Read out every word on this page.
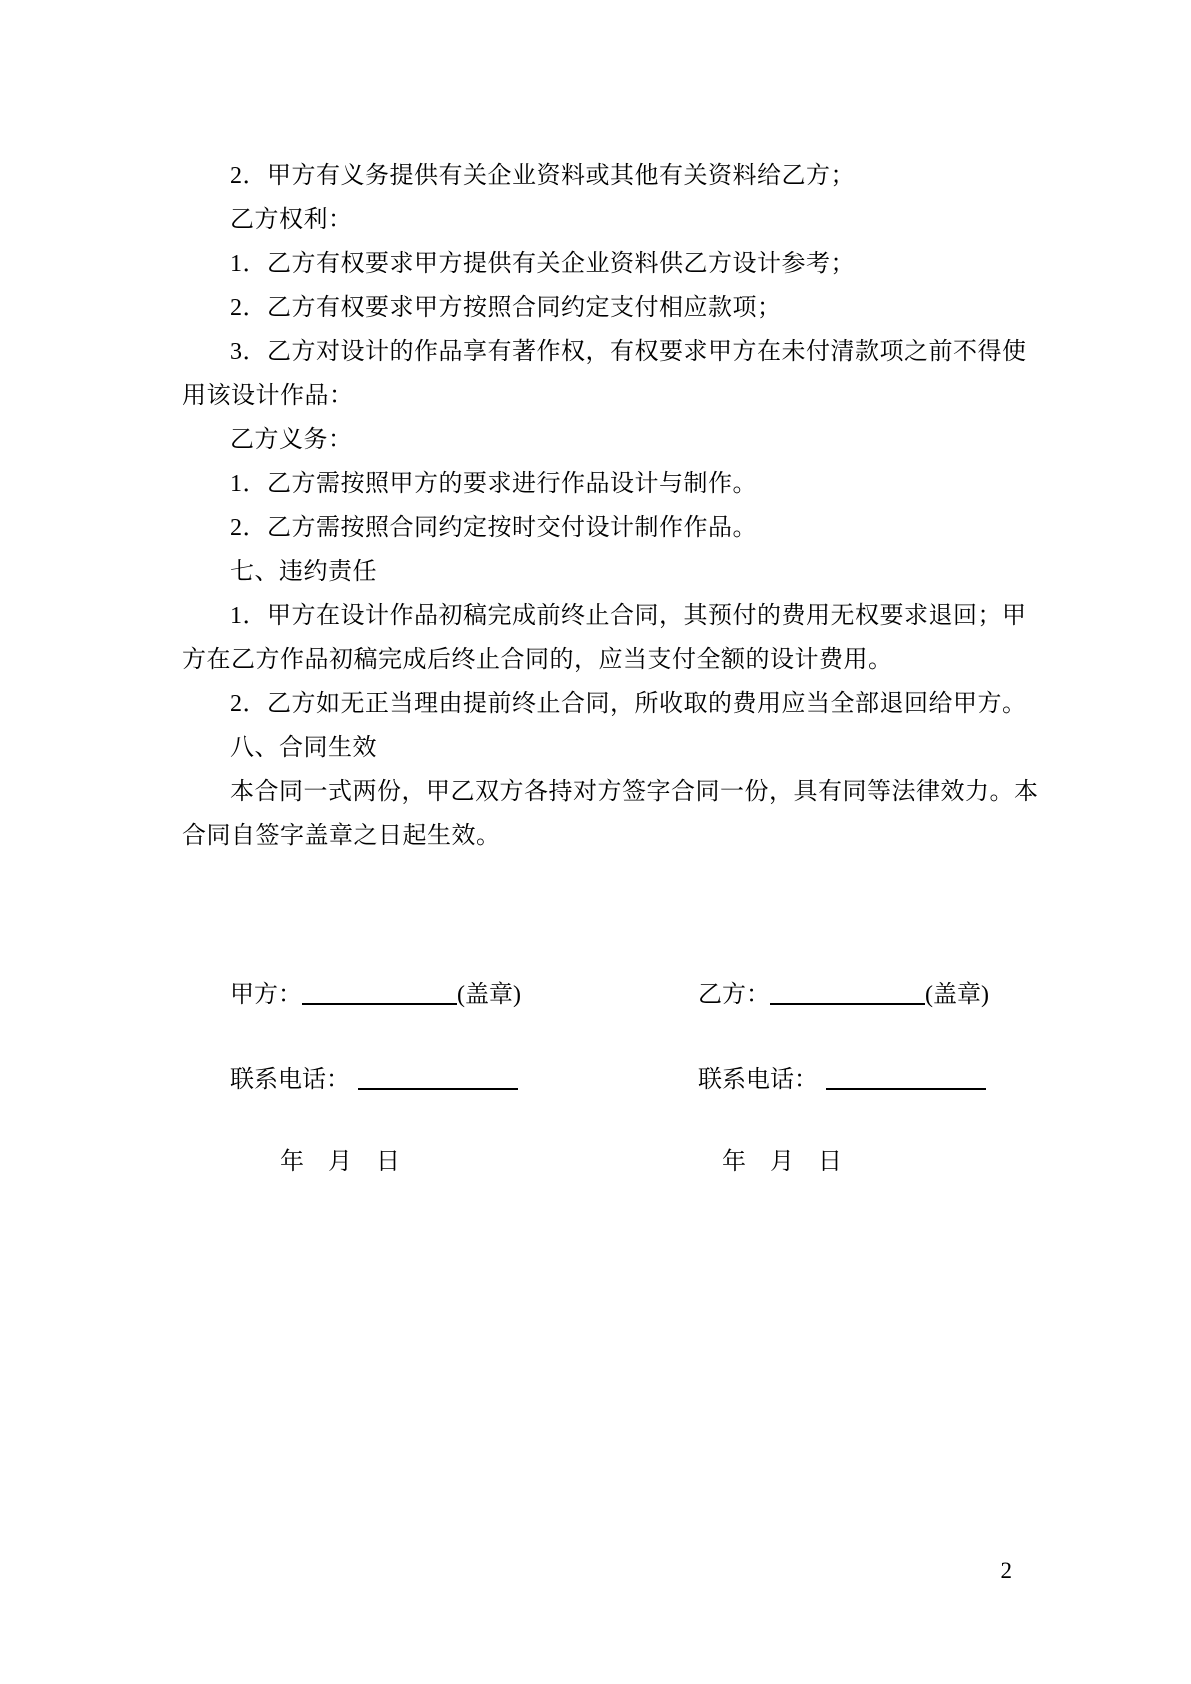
2．甲方有义务提供有关企业资料或其他有关资料给乙方；
乙方权利：
1．乙方有权要求甲方提供有关企业资料供乙方设计参考；
2．乙方有权要求甲方按照合同约定支付相应款项；
3．乙方对设计的作品享有著作权，有权要求甲方在未付清款项之前不得使
用该设计作品：
乙方义务：
1．乙方需按照甲方的要求进行作品设计与制作。
2．乙方需按照合同约定按时交付设计制作作品。
七、违约责任
1．甲方在设计作品初稿完成前终止合同，其预付的费用无权要求退回；甲
方在乙方作品初稿完成后终止合同的，应当支付全额的设计费用。
2．乙方如无正当理由提前终止合同，所收取的费用应当全部退回给甲方。
八、合同生效
本合同一式两份，甲乙双方各持对方签字合同一份，具有同等法律效力。本
合同自签字盖章之日起生效。
甲方：	(盖章)	乙方：	(盖章)
联系电话：	联系电话：
年　月　日	年　月　日
2
